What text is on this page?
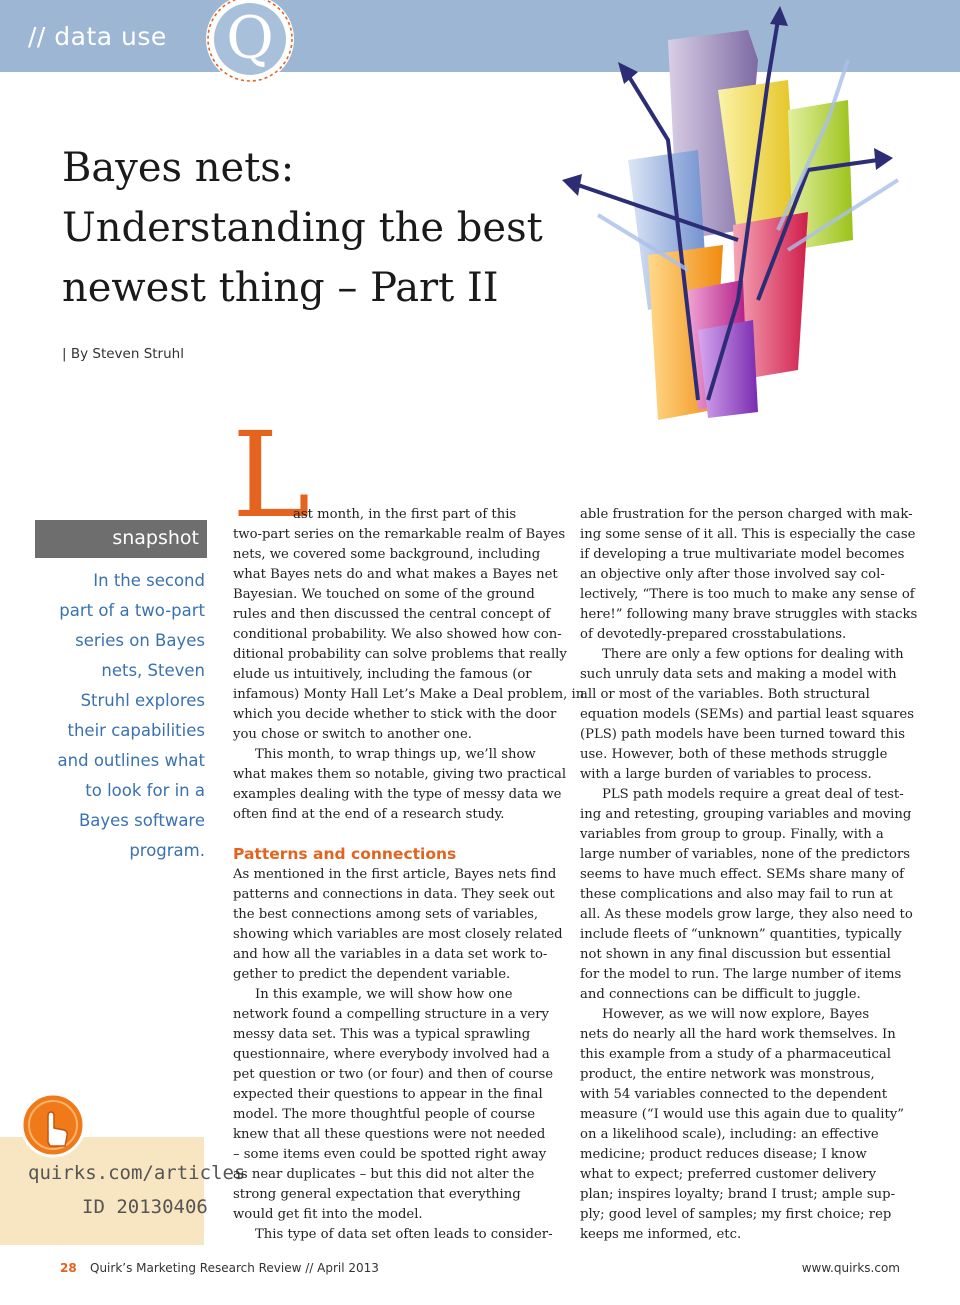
// data use Q
Bayes nets:
Understanding the best
newest thing – Part II
| By Steven Struhl
snapshot

In the second
part of a two-part
series on Bayes
nets, Steven
Struhl explores
their capabilities
and outlines what
to look for in a
Bayes software
program.

quirks.com/articles
ID 20130406
L

ast month, in the first part of this

two-part series on the remarkable realm of Bayes

nets, we covered some background, including

what Bayes nets do and what makes a Bayes net

Bayesian. We touched on some of the ground

rules and then discussed the central concept of

conditional probability. We also showed how con-

ditional probability can solve problems that really

elude us intuitively, including the famous (or

infamous) Monty Hall Let’s Make a Deal problem, in

which you decide whether to stick with the door

you chose or switch to another one.

This month, to wrap things up, we’ll show

what makes them so notable, giving two practical

examples dealing with the type of messy data we

often find at the end of a research study.

Patterns and connections

As mentioned in the first article, Bayes nets find

patterns and connections in data. They seek out

the best connections among sets of variables,

showing which variables are most closely related

and how all the variables in a data set work to-

gether to predict the dependent variable.

In this example, we will show how one

network found a compelling structure in a very

messy data set. This was a typical sprawling

questionnaire, where everybody involved had a

pet question or two (or four) and then of course

expected their questions to appear in the final

model. The more thoughtful people of course

knew that all these questions were not needed

– some items even could be spotted right away

as near duplicates – but this did not alter the

strong general expectation that everything

would get fit into the model.

This type of data set often leads to consider-

able frustration for the person charged with mak-

ing some sense of it all. This is especially the case

if developing a true multivariate model becomes

an objective only after those involved say col-

lectively, “There is too much to make any sense of

here!” following many brave struggles with stacks

of devotedly-prepared crosstabulations.

There are only a few options for dealing with

such unruly data sets and making a model with

all or most of the variables. Both structural

equation models (SEMs) and partial least squares

(PLS) path models have been turned toward this

use. However, both of these methods struggle

with a large burden of variables to process.

PLS path models require a great deal of test-

ing and retesting, grouping variables and moving

variables from group to group. Finally, with a

large number of variables, none of the predictors

seems to have much effect. SEMs share many of

these complications and also may fail to run at

all. As these models grow large, they also need to

include fleets of “unknown” quantities, typically

not shown in any final discussion but essential

for the model to run. The large number of items

and connections can be difficult to juggle.

However, as we will now explore, Bayes

nets do nearly all the hard work themselves. In

this example from a study of a pharmaceutical

product, the entire network was monstrous,

with 54 variables connected to the dependent

measure (“I would use this again due to quality”

on a likelihood scale), including: an effective

medicine; product reduces disease; I know

what to expect; preferred customer delivery

plan; inspires loyalty; brand I trust; ample sup-

ply; good level of samples; my first choice; rep

keeps me informed, etc.

28 Quirk’s Marketing Research Review // April 2013	www.quirks.com
